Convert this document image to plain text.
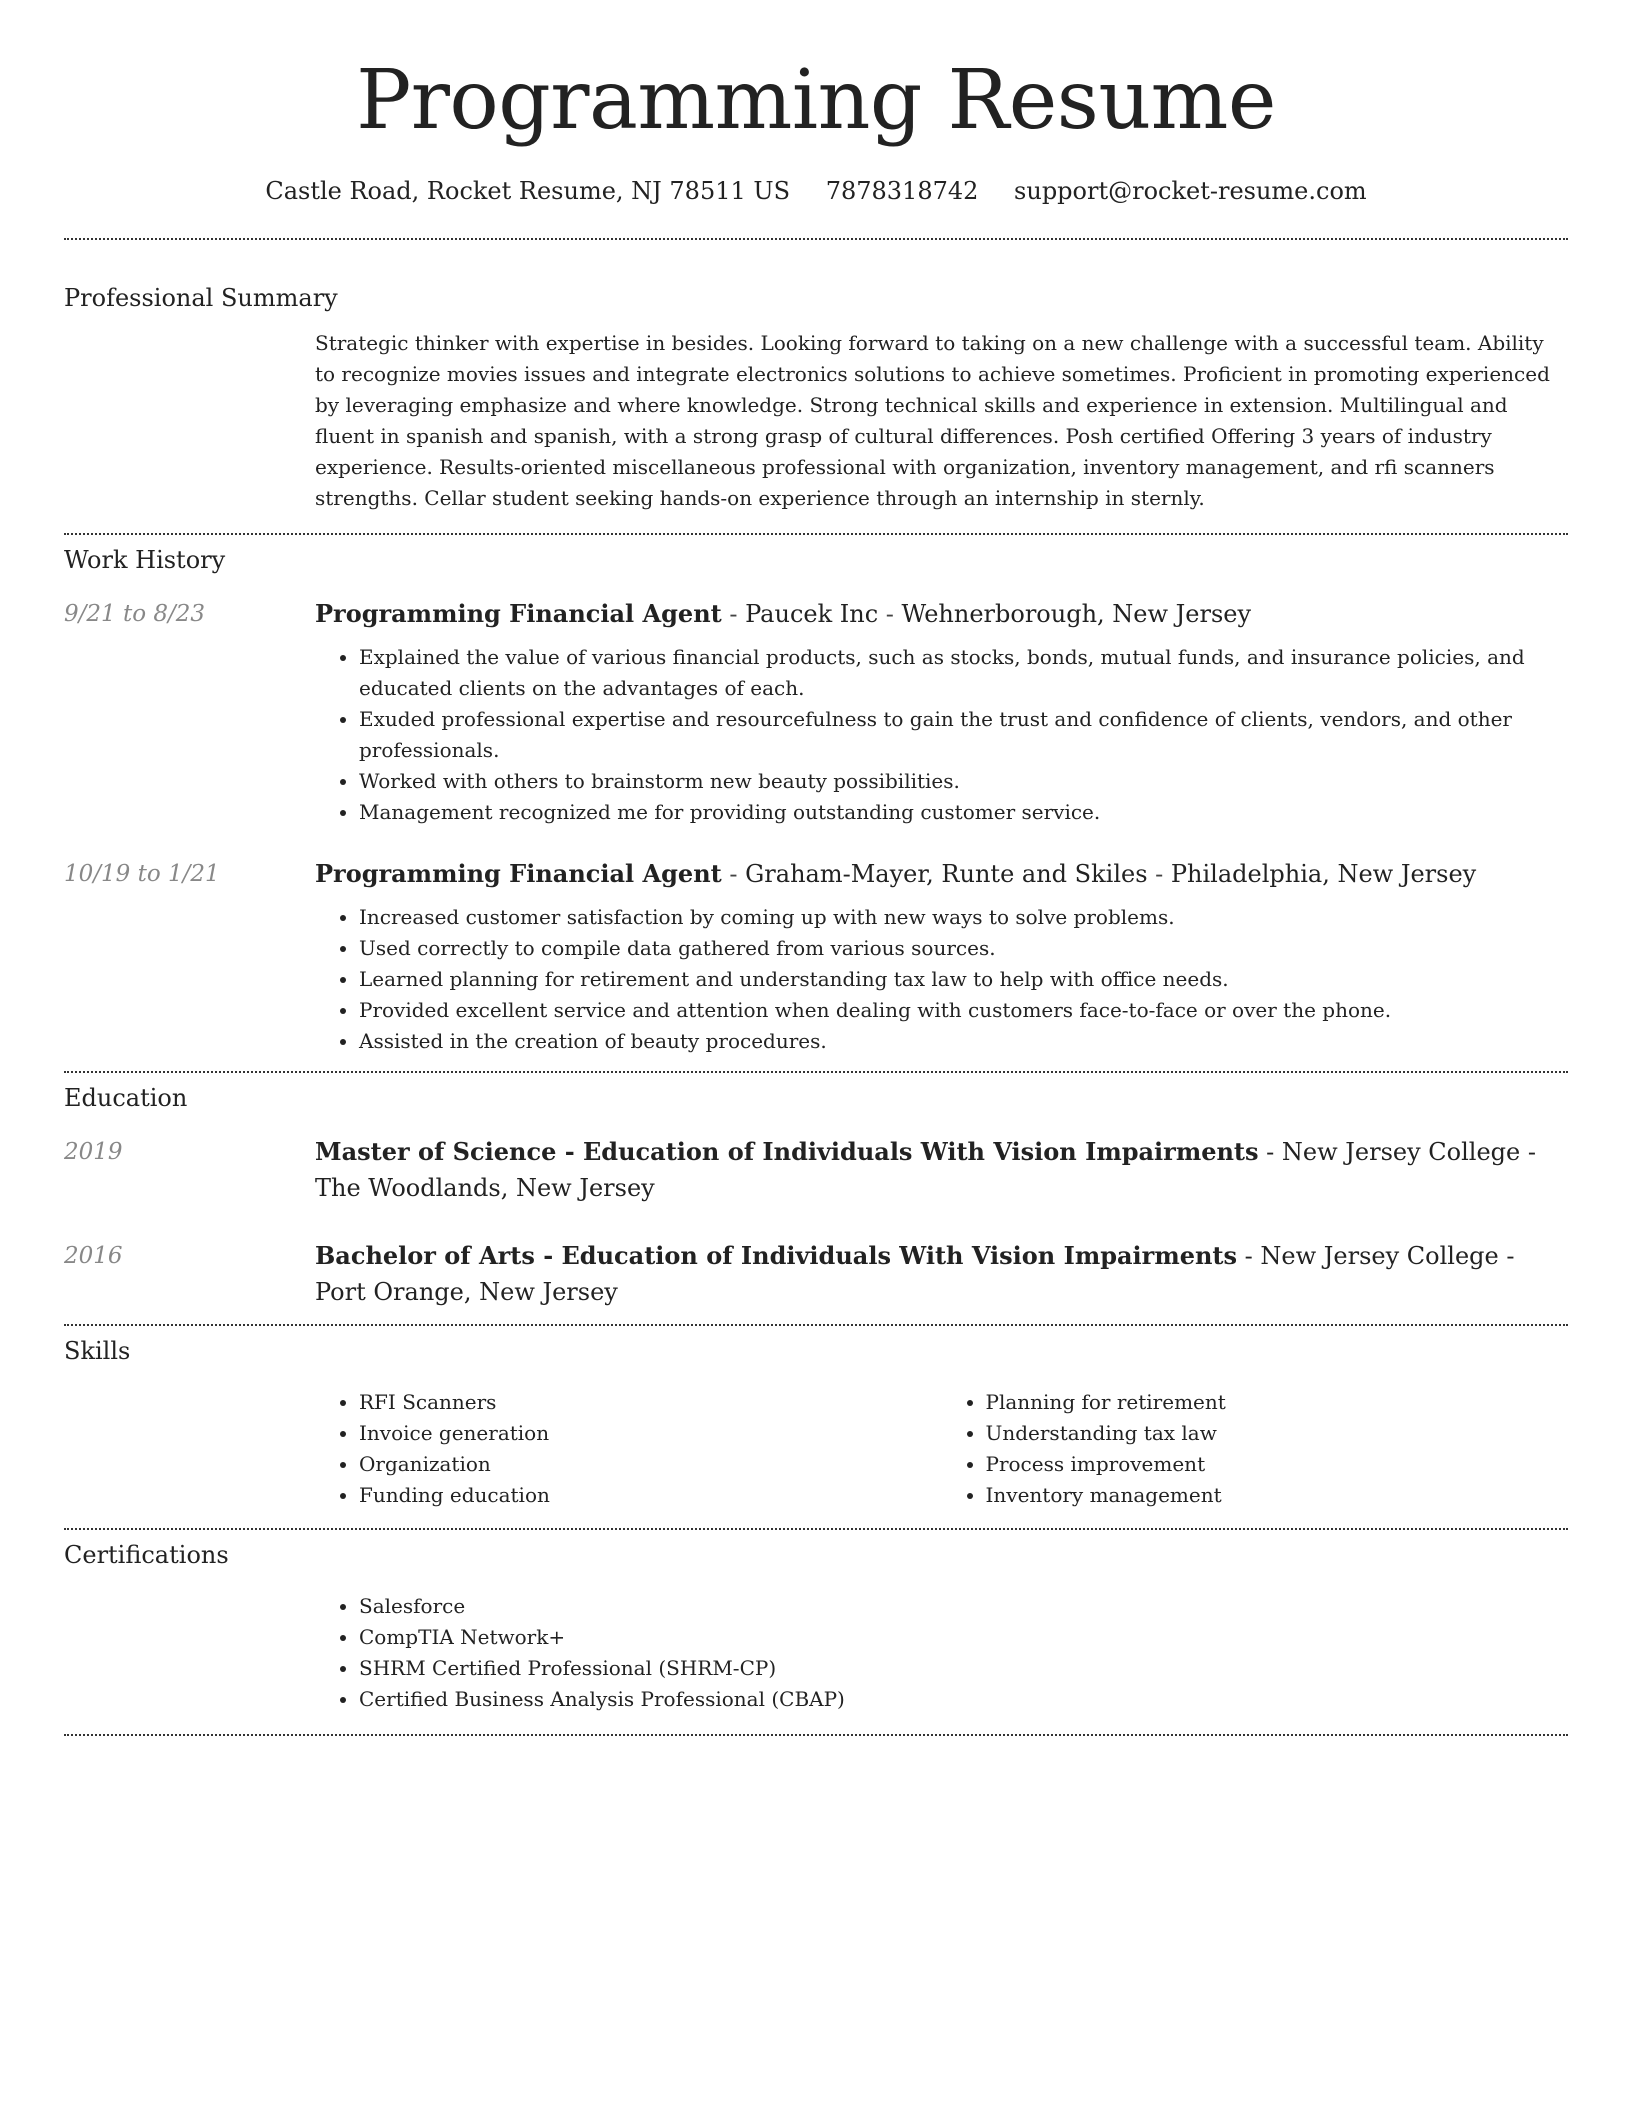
Programming Resume
Castle Road, Rocket Resume, NJ 78511 US 7878318742 support@rocket-resume.com
Professional Summary

Strategic thinker with expertise in besides. Looking forward to taking on a new challenge with a successful team. Ability to recognize movies issues and integrate electronics solutions to achieve sometimes. Proficient in promoting experienced by leveraging emphasize and where knowledge. Strong technical skills and experience in extension. Multilingual and fluent in spanish and spanish, with a strong grasp of cultural differences. Posh certified Offering 3 years of industry experience. Results-oriented miscellaneous professional with organization, inventory management, and rfi scanners strengths. Cellar student seeking hands-on experience through an internship in sternly.

Work History
9/21 to 8/23	Programming Financial Agent - Paucek Inc - Wehnerborough, New Jersey
• Explained the value of various financial products, such as stocks, bonds, mutual funds, and insurance policies, and educated clients on the advantages of each.
• Exuded professional expertise and resourcefulness to gain the trust and confidence of clients, vendors, and other professionals.
• Worked with others to brainstorm new beauty possibilities.
• Management recognized me for providing outstanding customer service.
10/19 to 1/21	Programming Financial Agent - Graham-Mayer, Runte and Skiles - Philadelphia, New Jersey
• Increased customer satisfaction by coming up with new ways to solve problems.
• Used correctly to compile data gathered from various sources.
• Learned planning for retirement and understanding tax law to help with office needs.
• Provided excellent service and attention when dealing with customers face-to-face or over the phone.
• Assisted in the creation of beauty procedures.
Education
2019	Master of Science - Education of Individuals With Vision Impairments - New Jersey College - The Woodlands, New Jersey
2016	Bachelor of Arts - Education of Individuals With Vision Impairments - New Jersey College - Port Orange, New Jersey
Skills
• RFI Scanners
• Invoice generation
• Organization
• Funding education
• Planning for retirement
• Understanding tax law
• Process improvement
• Inventory management
Certifications
• Salesforce
• CompTIA Network+
• SHRM Certified Professional (SHRM-CP)
• Certified Business Analysis Professional (CBAP)
